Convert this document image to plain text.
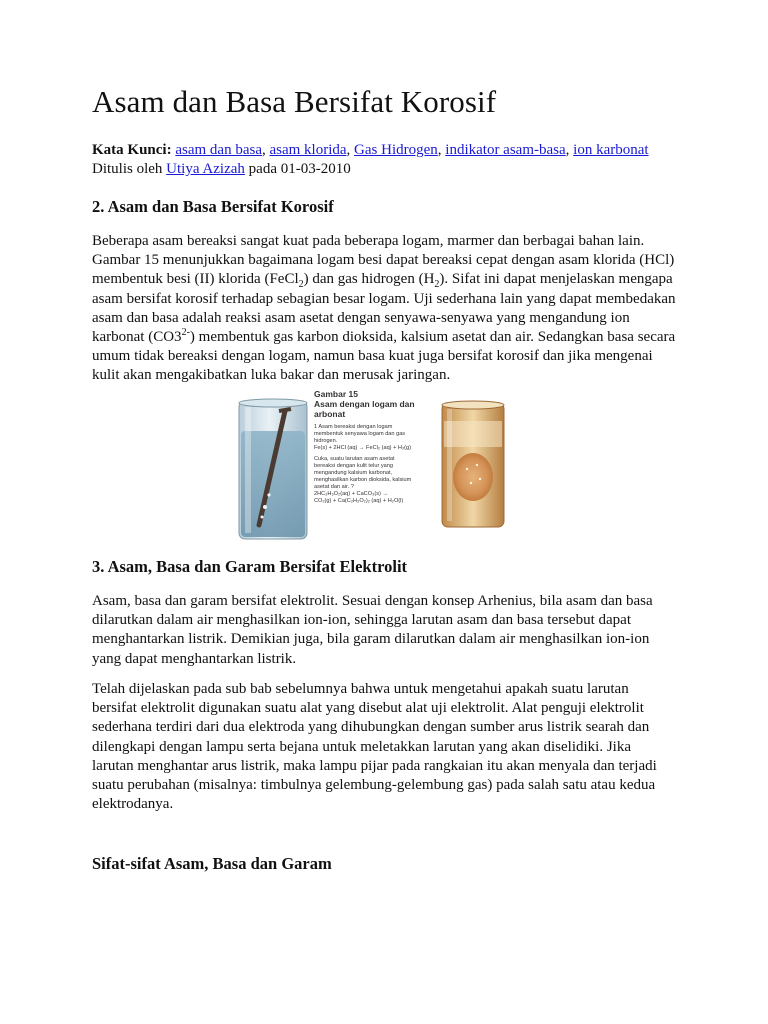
Asam dan Basa Bersifat Korosif
Kata Kunci: asam dan basa, asam klorida, Gas Hidrogen, indikator asam-basa, ion karbonat
Ditulis oleh Utiya Azizah pada 01-03-2010
2. Asam dan Basa Bersifat Korosif
Beberapa asam bereaksi sangat kuat pada beberapa logam, marmer dan berbagai bahan lain.
Gambar 15 menunjukkan bagaimana logam besi dapat bereaksi cepat dengan asam klorida (HCl)
membentuk besi (II) klorida (FeCl$_2$) dan gas hidrogen $(H_2)$. Sifat ini dapat menjelaskan mengapa
asam bersifat korosif terhadap sebagian besar logam. Uji sederhana lain yang dapat membedakan
asam dan basa adalah reaksi asam asetat dengan senyawa-senyawa yang mengandung ion
karbonat $(CO3^{2-})$ membentuk gas karbon dioksida, kalsium asetat dan air. Sedangkan basa secara
umum tidak bereaksi dengan logam, namun basa kuat juga bersifat korosif dan jika mengenai
kulit akan mengakibatkan luka bakar dan merusak jaringan.
Gambar 15
Asam dengan logam dan
arbonat
1 Asam bereaksi dengan logam
membentuk senyawa logam dan gas
hidrogen.
Fe(s) + 2HCl (aq) → FeCl₂ (aq) + H₂(g)
Cuka, suatu larutan asam asetat
bereaksi dengan kulit telur yang
mengandung kalsium karbonat,
menghasilkan karbon dioksida, kalsium
asetat dan air. ?
2HC₂H₃O₂(aq) + CaCO₃(s) →
CO₂(g) + Ca(C₂H₃O₂)₂ (aq) + H₂O(l)
3. Asam, Basa dan Garam Bersifat Elektrolit
Asam, basa dan garam bersifat elektrolit. Sesuai dengan konsep Arhenius, bila asam dan basa
dilarutkan dalam air menghasilkan ion-ion, sehingga larutan asam dan basa tersebut dapat
menghantarkan listrik. Demikian juga, bila garam dilarutkan dalam air menghasilkan ion-ion
yang dapat menghantarkan listrik.
Telah dijelaskan pada sub bab sebelumnya bahwa untuk mengetahui apakah suatu larutan
bersifat elektrolit digunakan suatu alat yang disebut alat uji elektrolit. Alat penguji elektrolit
sederhana terdiri dari dua elektroda yang dihubungkan dengan sumber arus listrik searah dan
dilengkapi dengan lampu serta bejana untuk meletakkan larutan yang akan diselidiki. Jika
larutan menghantar arus listrik, maka lampu pijar pada rangkaian itu akan menyala dan terjadi
suatu perubahan (misalnya: timbulnya gelembung-gelembung gas) pada salah satu atau kedua
elektrodanya.
Sifat-sifat Asam, Basa dan Garam
